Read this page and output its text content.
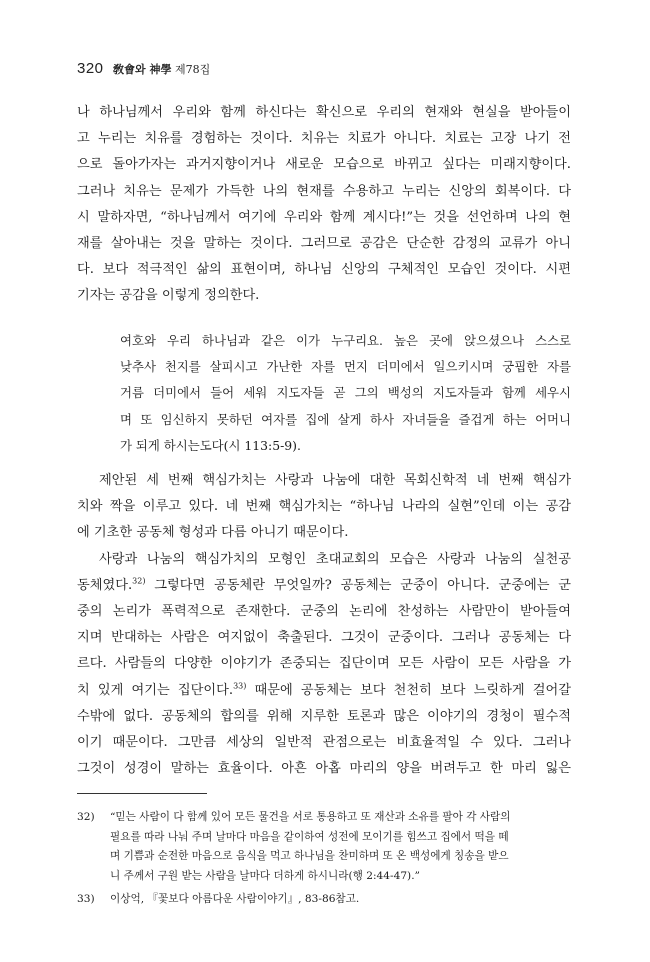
320 敎會와 神學 제78집
나 하나님께서 우리와 함께 하신다는 확신으로 우리의 현재와 현실을 받아들이
고 누리는 치유를 경험하는 것이다. 치유는 치료가 아니다. 치료는 고장 나기 전
으로 돌아가자는 과거지향이거나 새로운 모습으로 바뀌고 싶다는 미래지향이다.
그러나 치유는 문제가 가득한 나의 현재를 수용하고 누리는 신앙의 회복이다. 다
시 말하자면, “하나님께서 여기에 우리와 함께 계시다!”는 것을 선언하며 나의 현
재를 살아내는 것을 말하는 것이다. 그러므로 공감은 단순한 감정의 교류가 아니
다. 보다 적극적인 삶의 표현이며, 하나님 신앙의 구체적인 모습인 것이다. 시편
기자는 공감을 이렇게 정의한다.
여호와 우리 하나님과 같은 이가 누구리요. 높은 곳에 앉으셨으나 스스로
낮추사 천지를 살피시고 가난한 자를 먼지 더미에서 일으키시며 궁핍한 자를
거름 더미에서 들어 세워 지도자들 곧 그의 백성의 지도자들과 함께 세우시
며 또 임신하지 못하던 여자를 집에 살게 하사 자녀들을 즐겁게 하는 어머니
가 되게 하시는도다(시 113:5-9).
제안된 세 번째 핵심가치는 사랑과 나눔에 대한 목회신학적 네 번째 핵심가
치와 짝을 이루고 있다. 네 번째 핵심가치는 “하나님 나라의 실현”인데 이는 공감
에 기초한 공동체 형성과 다름 아니기 때문이다.
사랑과 나눔의 핵심가치의 모형인 초대교회의 모습은 사랑과 나눔의 실천공
동체였다.$^{32)}$ 그렇다면 공동체란 무엇일까? 공동체는 군중이 아니다. 군중에는 군
중의 논리가 폭력적으로 존재한다. 군중의 논리에 찬성하는 사람만이 받아들여
지며 반대하는 사람은 여지없이 축출된다. 그것이 군중이다. 그러나 공동체는 다
르다. 사람들의 다양한 이야기가 존중되는 집단이며 모든 사람이 모든 사람을 가
치 있게 여기는 집단이다.$^{33)}$ 때문에 공동체는 보다 천천히 보다 느릿하게 걸어갈
수밖에 없다. 공동체의 합의를 위해 지루한 토론과 많은 이야기의 경청이 필수적
이기 때문이다. 그만큼 세상의 일반적 관점으로는 비효율적일 수 있다. 그러나
그것이 성경이 말하는 효율이다. 아흔 아홉 마리의 양을 버려두고 한 마리 잃은
32) “믿는 사람이 다 함께 있어 모든 물건을 서로 통용하고 또 재산과 소유를 팔아 각 사람의
필요를 따라 나눠 주며 날마다 마음을 같이하여 성전에 모이기를 힘쓰고 집에서 떡을 떼
며 기쁨과 순전한 마음으로 음식을 먹고 하나님을 찬미하며 또 온 백성에게 칭송을 받으
니 주께서 구원 받는 사람을 날마다 더하게 하시니라(행 2:44-47).”
33) 이상억, 『꽃보다 아름다운 사람이야기』, 83-86참고.
